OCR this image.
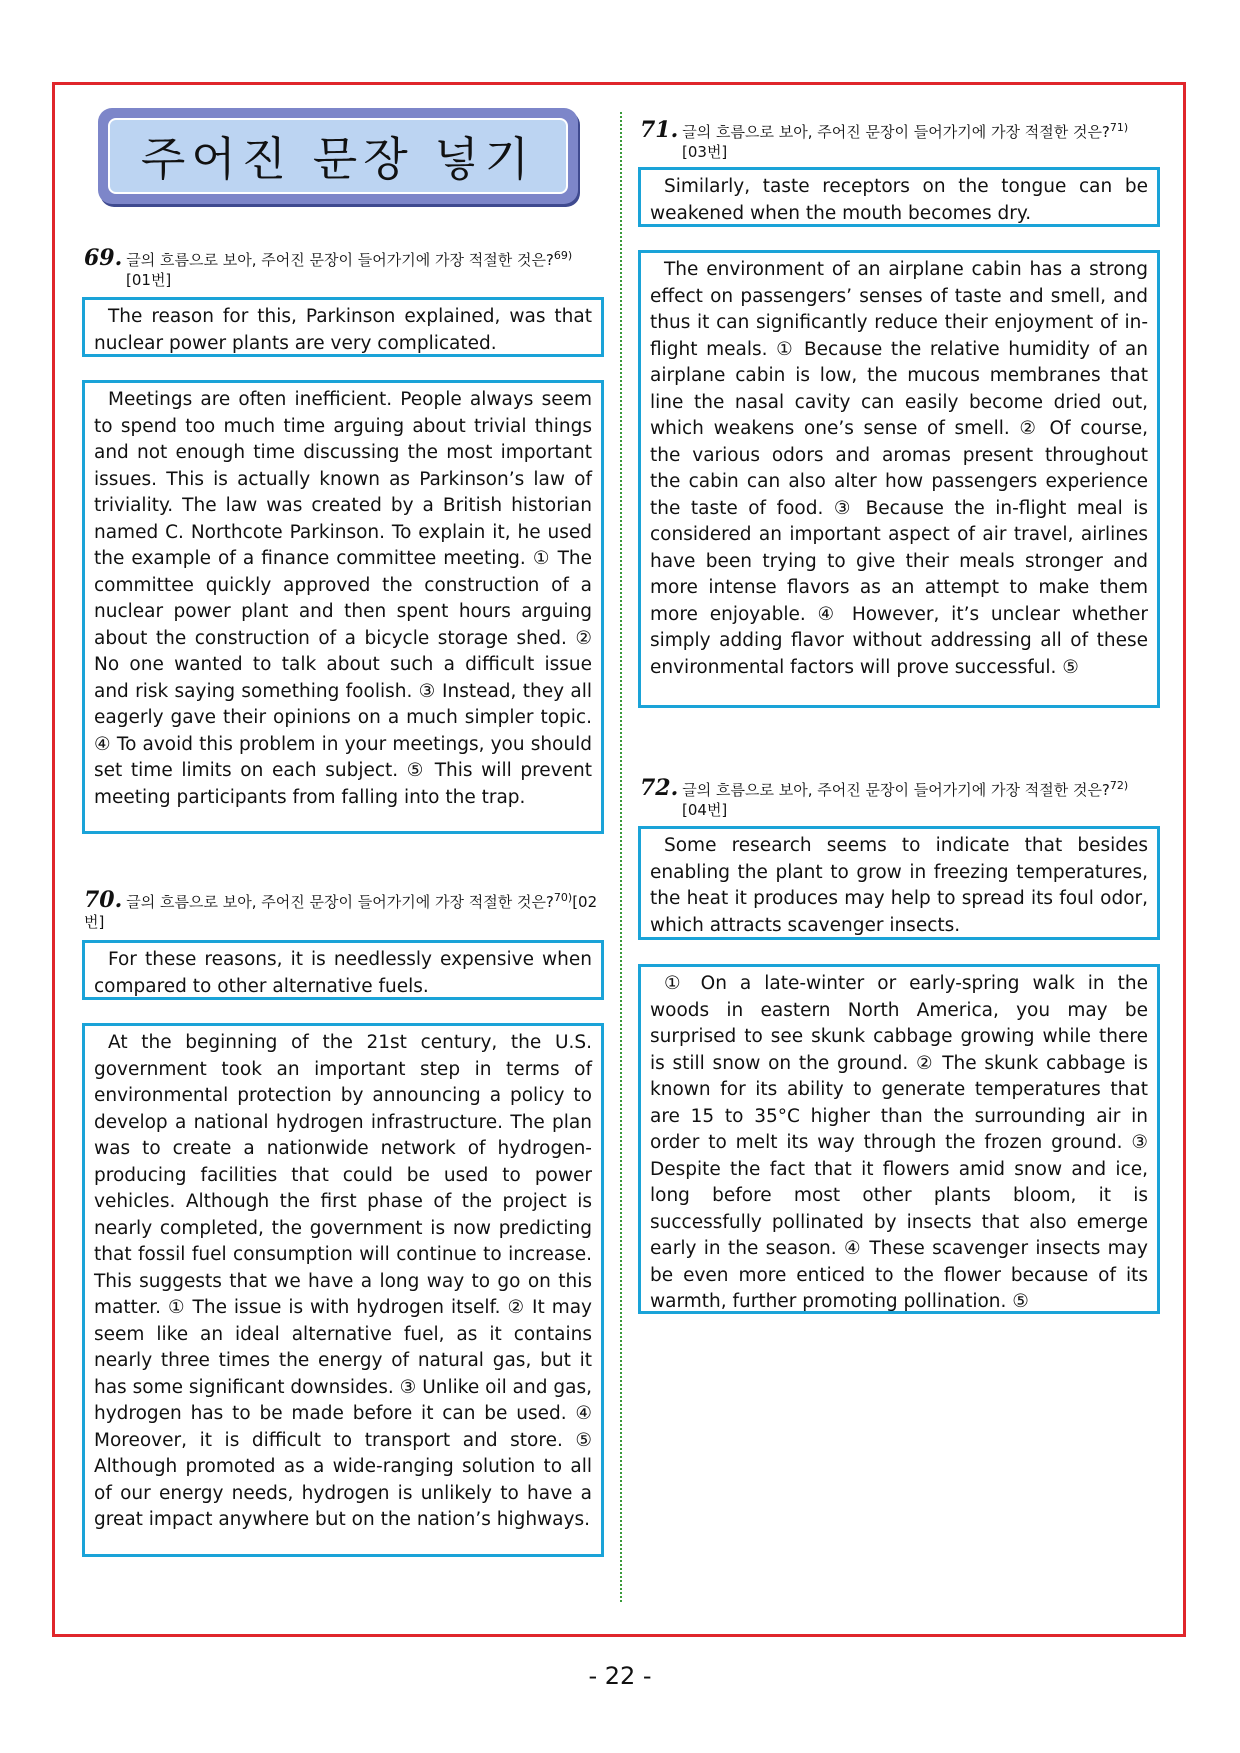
주어진 문장 넣기
69. 글의 흐름으로 보아, 주어진 문장이 들어가기에 가장 적절한 것은?$^{69)}$
[01번]
The reason for this, Parkinson explained, was that nuclear power plants are very complicated.
Meetings are often inefficient. People always seem to spend too much time arguing about trivial things and not enough time discussing the most important issues. This is actually known as Parkinson’s law of triviality. The law was created by a British historian named C. Northcote Parkinson. To explain it, he used the example of a finance committee meeting. ① The committee quickly approved the construction of a nuclear power plant and then spent hours arguing about the construction of a bicycle storage shed. ② No one wanted to talk about such a difficult issue and risk saying something foolish. ③ Instead, they all eagerly gave their opinions on a much simpler topic. ④ To avoid this problem in your meetings, you should set time limits on each subject. ⑤ This will prevent meeting participants from falling into the trap.
70. 글의 흐름으로 보아, 주어진 문장이 들어가기에 가장 적절한 것은?$^{70)}$[02번]
For these reasons, it is needlessly expensive when compared to other alternative fuels.
At the beginning of the 21st century, the U.S. government took an important step in terms of environmental protection by announcing a policy to develop a national hydrogen infrastructure. The plan was to create a nationwide network of hydrogen-producing facilities that could be used to power vehicles. Although the first phase of the project is nearly completed, the government is now predicting that fossil fuel consumption will continue to increase. This suggests that we have a long way to go on this matter. ① The issue is with hydrogen itself. ② It may seem like an ideal alternative fuel, as it contains nearly three times the energy of natural gas, but it has some significant downsides. ③ Unlike oil and gas, hydrogen has to be made before it can be used. ④ Moreover, it is difficult to transport and store. ⑤ Although promoted as a wide-ranging solution to all of our energy needs, hydrogen is unlikely to have a great impact anywhere but on the nation’s highways.
71. 글의 흐름으로 보아, 주어진 문장이 들어가기에 가장 적절한 것은?$^{71)}$
[03번]
Similarly, taste receptors on the tongue can be weakened when the mouth becomes dry.
The environment of an airplane cabin has a strong effect on passengers’ senses of taste and smell, and thus it can significantly reduce their enjoyment of in-flight meals. ① Because the relative humidity of an airplane cabin is low, the mucous membranes that line the nasal cavity can easily become dried out, which weakens one’s sense of smell. ② Of course, the various odors and aromas present throughout the cabin can also alter how passengers experience the taste of food. ③ Because the in-flight meal is considered an important aspect of air travel, airlines have been trying to give their meals stronger and more intense flavors as an attempt to make them more enjoyable. ④ However, it’s unclear whether simply adding flavor without addressing all of these environmental factors will prove successful. ⑤
72. 글의 흐름으로 보아, 주어진 문장이 들어가기에 가장 적절한 것은?$^{72)}$
[04번]
Some research seems to indicate that besides enabling the plant to grow in freezing temperatures, the heat it produces may help to spread its foul odor, which attracts scavenger insects.
① On a late-winter or early-spring walk in the woods in eastern North America, you may be surprised to see skunk cabbage growing while there is still snow on the ground. ② The skunk cabbage is known for its ability to generate temperatures that are 15 to 35°C higher than the surrounding air in order to melt its way through the frozen ground. ③ Despite the fact that it flowers amid snow and ice, long before most other plants bloom, it is successfully pollinated by insects that also emerge early in the season. ④ These scavenger insects may be even more enticed to the flower because of its warmth, further promoting pollination. ⑤
- 22 -
